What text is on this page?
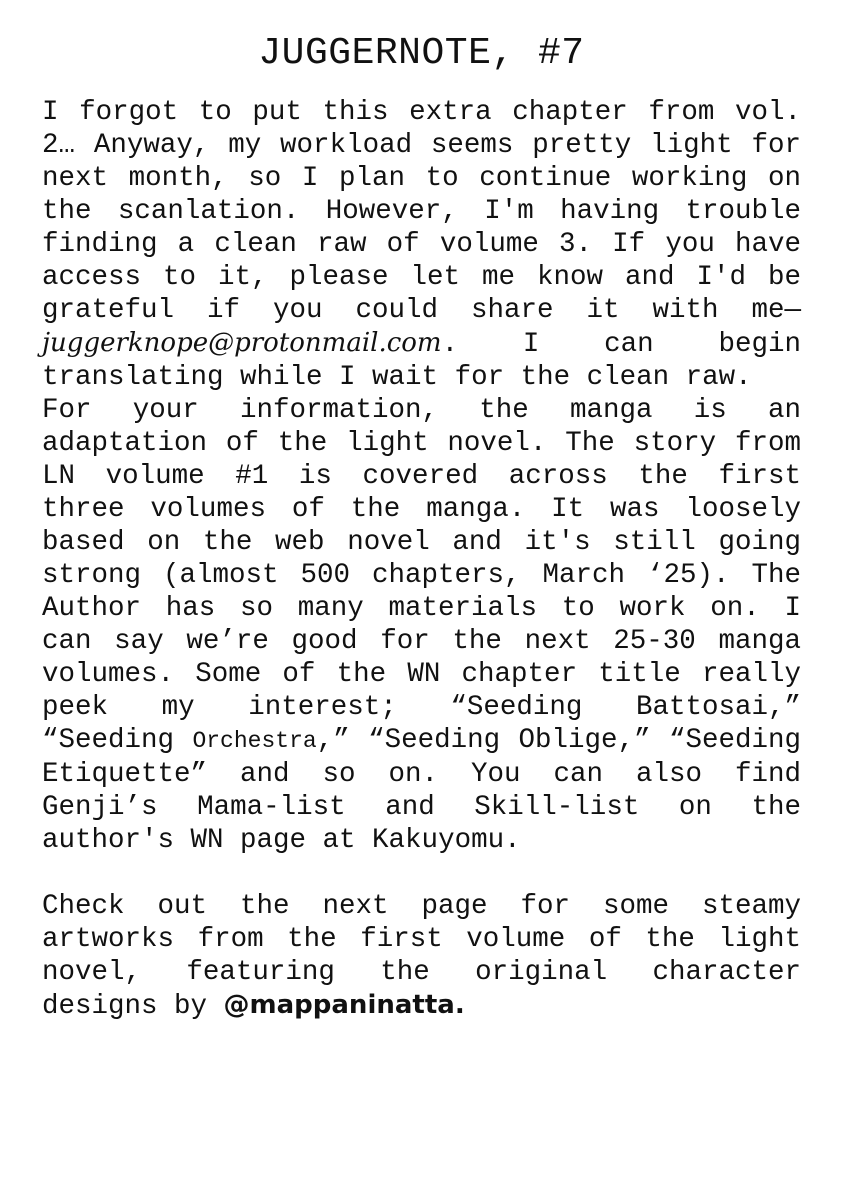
JUGGERNOTE, #7

I forgot to put this extra chapter from vol. 2… Anyway, my workload seems pretty light for next month, so I plan to continue working on the scanlation. However, I'm having trouble finding a clean raw of volume 3. If you have access to it, please let me know and I'd be grateful if you could share it with me—juggerknope@protonmail.com. I can begin translating while I wait for the clean raw.

For your information, the manga is an adaptation of the light novel. The story from LN volume #1 is covered across the first three volumes of the manga. It was loosely based on the web novel and it's still going strong (almost 500 chapters, March ‘25). The Author has so many materials to work on. I can say we’re good for the next 25-30 manga volumes. Some of the WN chapter title really peek my interest; “Seeding Battosai,” “Seeding Orchestra,” “Seeding Oblige,” “Seeding Etiquette” and so on. You can also find Genji’s Mama-list and Skill-list on the author's WN page at Kakuyomu.

Check out the next page for some steamy artworks from the first volume of the light novel, featuring the original character designs by @mappaninatta.
